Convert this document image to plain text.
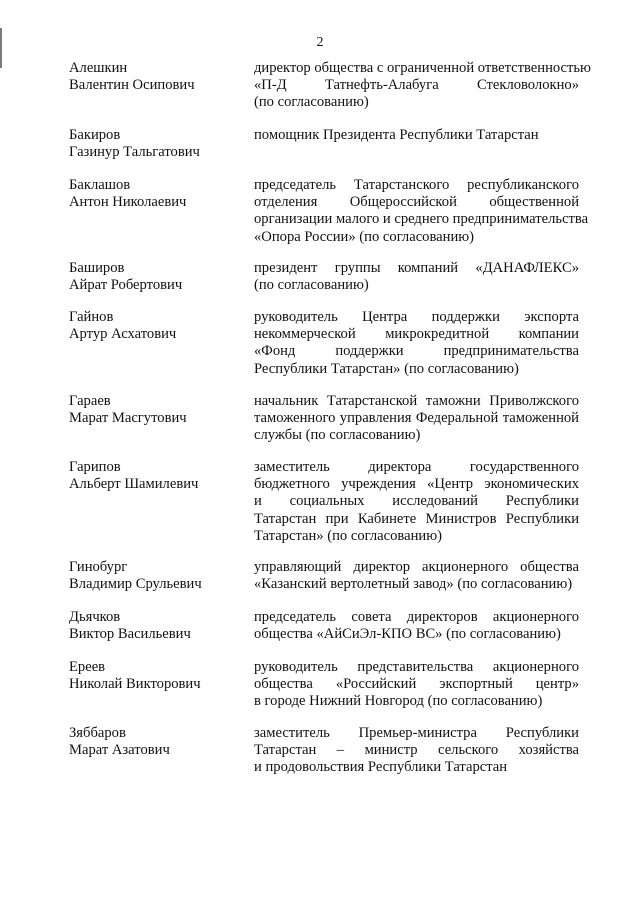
2
Алешкин
Валентин Осипович
директор общества с ограниченной ответственностью
«П-Д Татнефть-Алабуга Стекловолокно»
(по согласованию)
Бакиров
Газинур Тальгатович
помощник Президента Республики Татарстан
Баклашов
Антон Николаевич
председатель Татарстанского республиканского
отделения Общероссийской общественной
организации малого и среднего предпринимательства
«Опора России» (по согласованию)
Баширов
Айрат Робертович
президент группы компаний «ДАНАФЛЕКС»
(по согласованию)
Гайнов
Артур Асхатович
руководитель Центра поддержки экспорта
некоммерческой микрокредитной компании
«Фонд поддержки предпринимательства
Республики Татарстан» (по согласованию)
Гараев
Марат Масгутович
начальник Татарстанской таможни Приволжского
таможенного управления Федеральной таможенной
службы (по согласованию)
Гарипов
Альберт Шамилевич
заместитель директора государственного
бюджетного учреждения «Центр экономических
и социальных исследований Республики
Татарстан при Кабинете Министров Республики
Татарстан» (по согласованию)
Гинобург
Владимир Срульевич
управляющий директор акционерного общества
«Казанский вертолетный завод» (по согласованию)
Дьячков
Виктор Васильевич
председатель совета директоров акционерного
общества «АйСиЭл-КПО ВС» (по согласованию)
Ереев
Николай Викторович
руководитель представительства акционерного
общества «Российский экспортный центр»
в городе Нижний Новгород (по согласованию)
Зяббаров
Марат Азатович
заместитель Премьер-министра Республики
Татарстан – министр сельского хозяйства
и продовольствия Республики Татарстан
